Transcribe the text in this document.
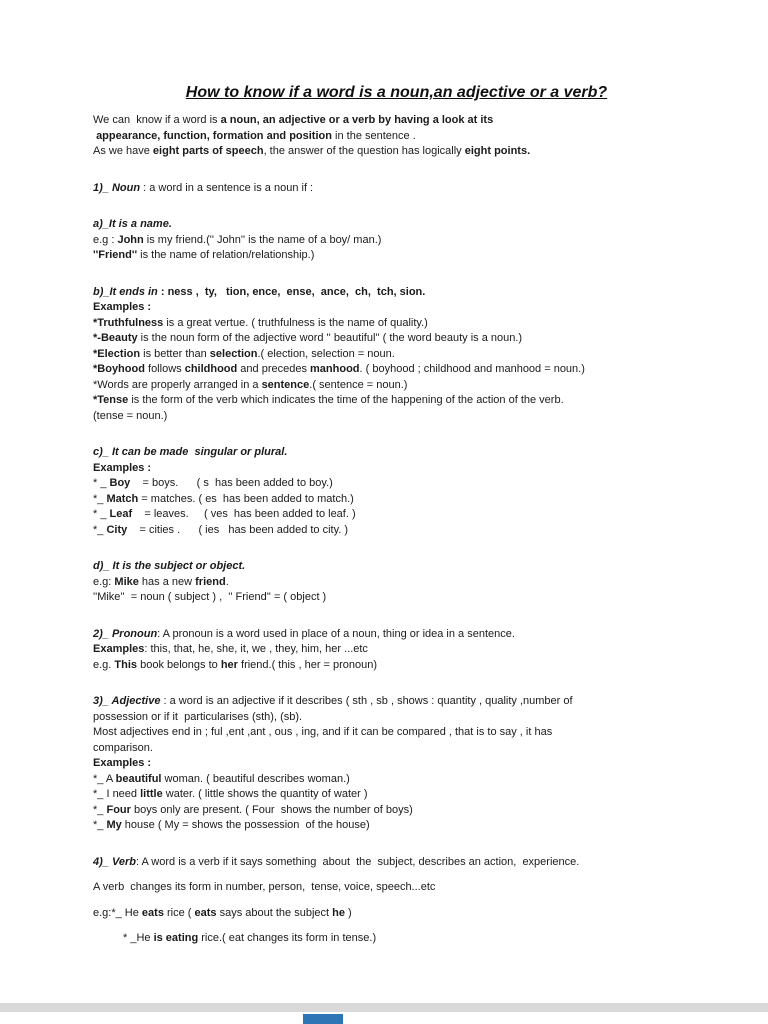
How to know if a word is a noun,an adjective or a verb?
We can  know if a word is a noun, an adjective or a verb by having a look at its
appearance, function, formation and position in the sentence .
As we have eight parts of speech, the answer of the question has logically eight points.
1)_ Noun : a word in a sentence is a noun if :
a)_It is a name.
e.g : John is my friend.('' John'' is the name of a boy/ man.)
''Friend'' is the name of relation/relationship.)
b)_It ends in : ness ,  ty,   tion, ence,  ense,  ance,  ch,  tch, sion.
Examples :
*Truthfulness is a great vertue. ( truthfulness is the name of quality.)
*-Beauty is the noun form of the adjective word '' beautiful'' ( the word beauty is a noun.)
*Election is better than selection.( election, selection = noun.
*Boyhood follows childhood and precedes manhood. ( boyhood ; childhood and manhood = noun.)
*Words are properly arranged in a sentence.( sentence = noun.)
*Tense is the form of the verb which indicates the time of the happening of the action of the verb.
(tense = noun.)
c)_ It can be made  singular or plural.
Examples :
* _ Boy    = boys.      ( s  has been added to boy.)
*_ Match = matches. ( es  has been added to match.)
* _ Leaf    = leaves.     ( ves  has been added to leaf. )
*_ City    = cities .      ( ies   has been added to city. )
d)_ It is the subject or object.
e.g: Mike has a new friend.
''Mike''  = noun ( subject ) ,  '' Friend'' = ( object )
2)_ Pronoun: A pronoun is a word used in place of a noun, thing or idea in a sentence.
Examples: this, that, he, she, it, we , they, him, her ...etc
e.g. This book belongs to her friend.( this , her = pronoun)
3)_ Adjective : a word is an adjective if it describes ( sth , sb , shows : quantity , quality ,number of
possession or if it  particularises (sth), (sb).
Most adjectives end in ; ful ,ent ,ant , ous , ing, and if it can be compared , that is to say , it has
comparison.
Examples :
*_ A beautiful woman. ( beautiful describes woman.)
*_ I need little water. ( little shows the quantity of water )
*_ Four boys only are present. ( Four  shows the number of boys)
*_ My house ( My = shows the possession  of the house)
4)_ Verb: A word is a verb if it says something  about  the  subject, describes an action,  experience.
A verb  changes its form in number, person,  tense, voice, speech...etc
e.g:*_ He eats rice ( eats says about the subject he )
* _He is eating rice.( eat changes its form in tense.)
